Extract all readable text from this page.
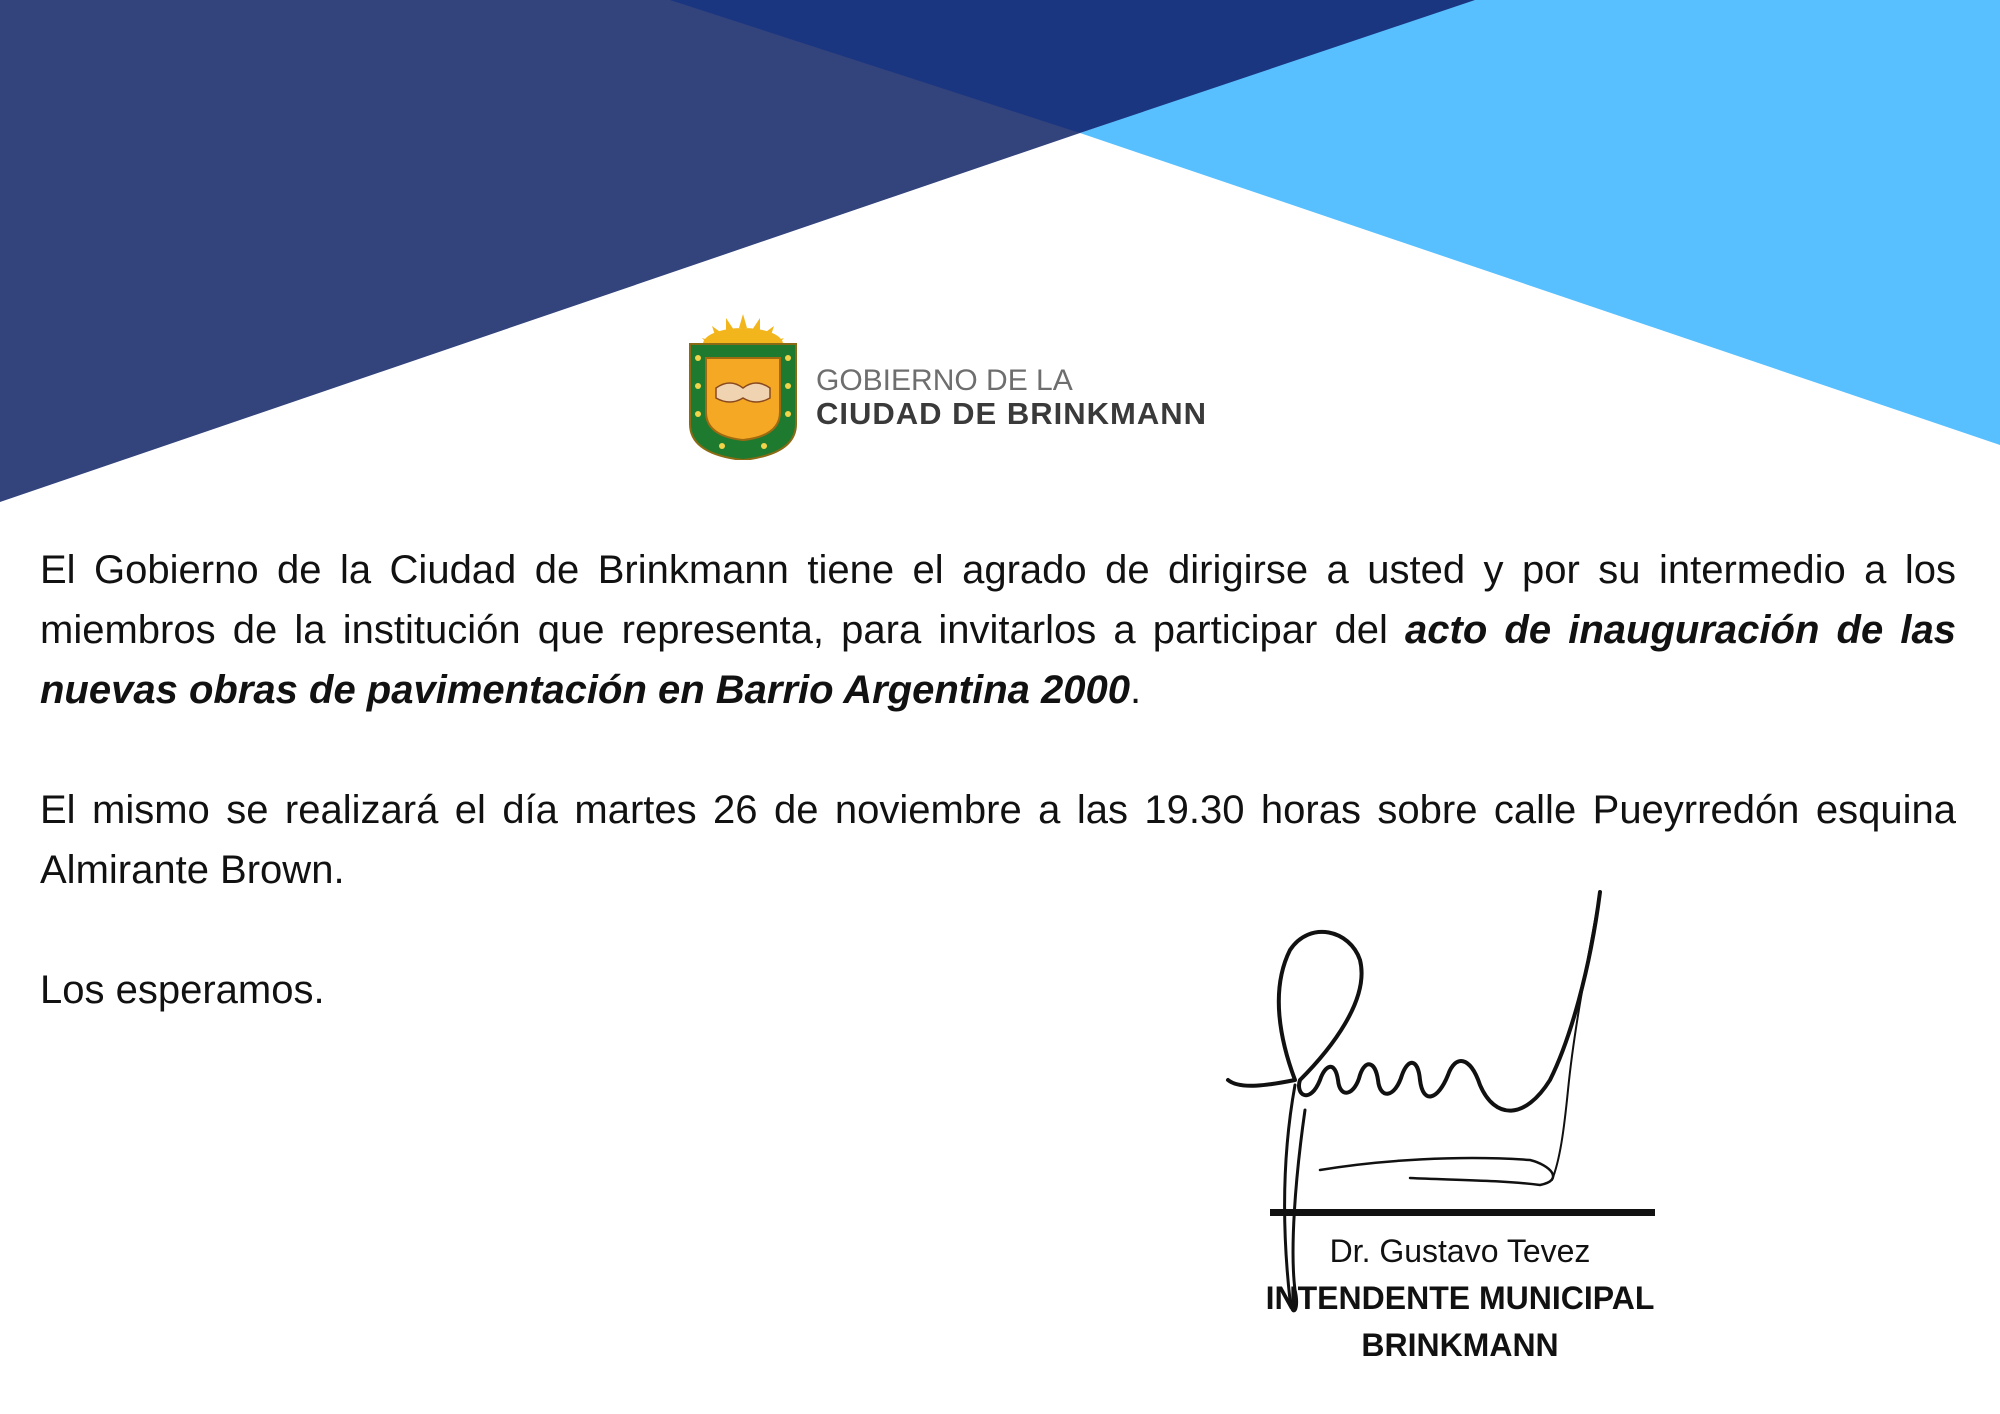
GOBIERNO DE LA
CIUDAD DE BRINKMANN

El Gobierno de la Ciudad de Brinkmann tiene el agrado de dirigirse a usted y por su intermedio a los miembros de la institución que representa, para invitarlos a participar del acto de inauguración de las nuevas obras de pavimentación en Barrio Argentina 2000.

El mismo se realizará el día martes 26 de noviembre a las 19.30 horas sobre calle Pueyrredón esquina Almirante Brown.

Los esperamos.

Dr. Gustavo Tevez
INTENDENTE MUNICIPAL
BRINKMANN
